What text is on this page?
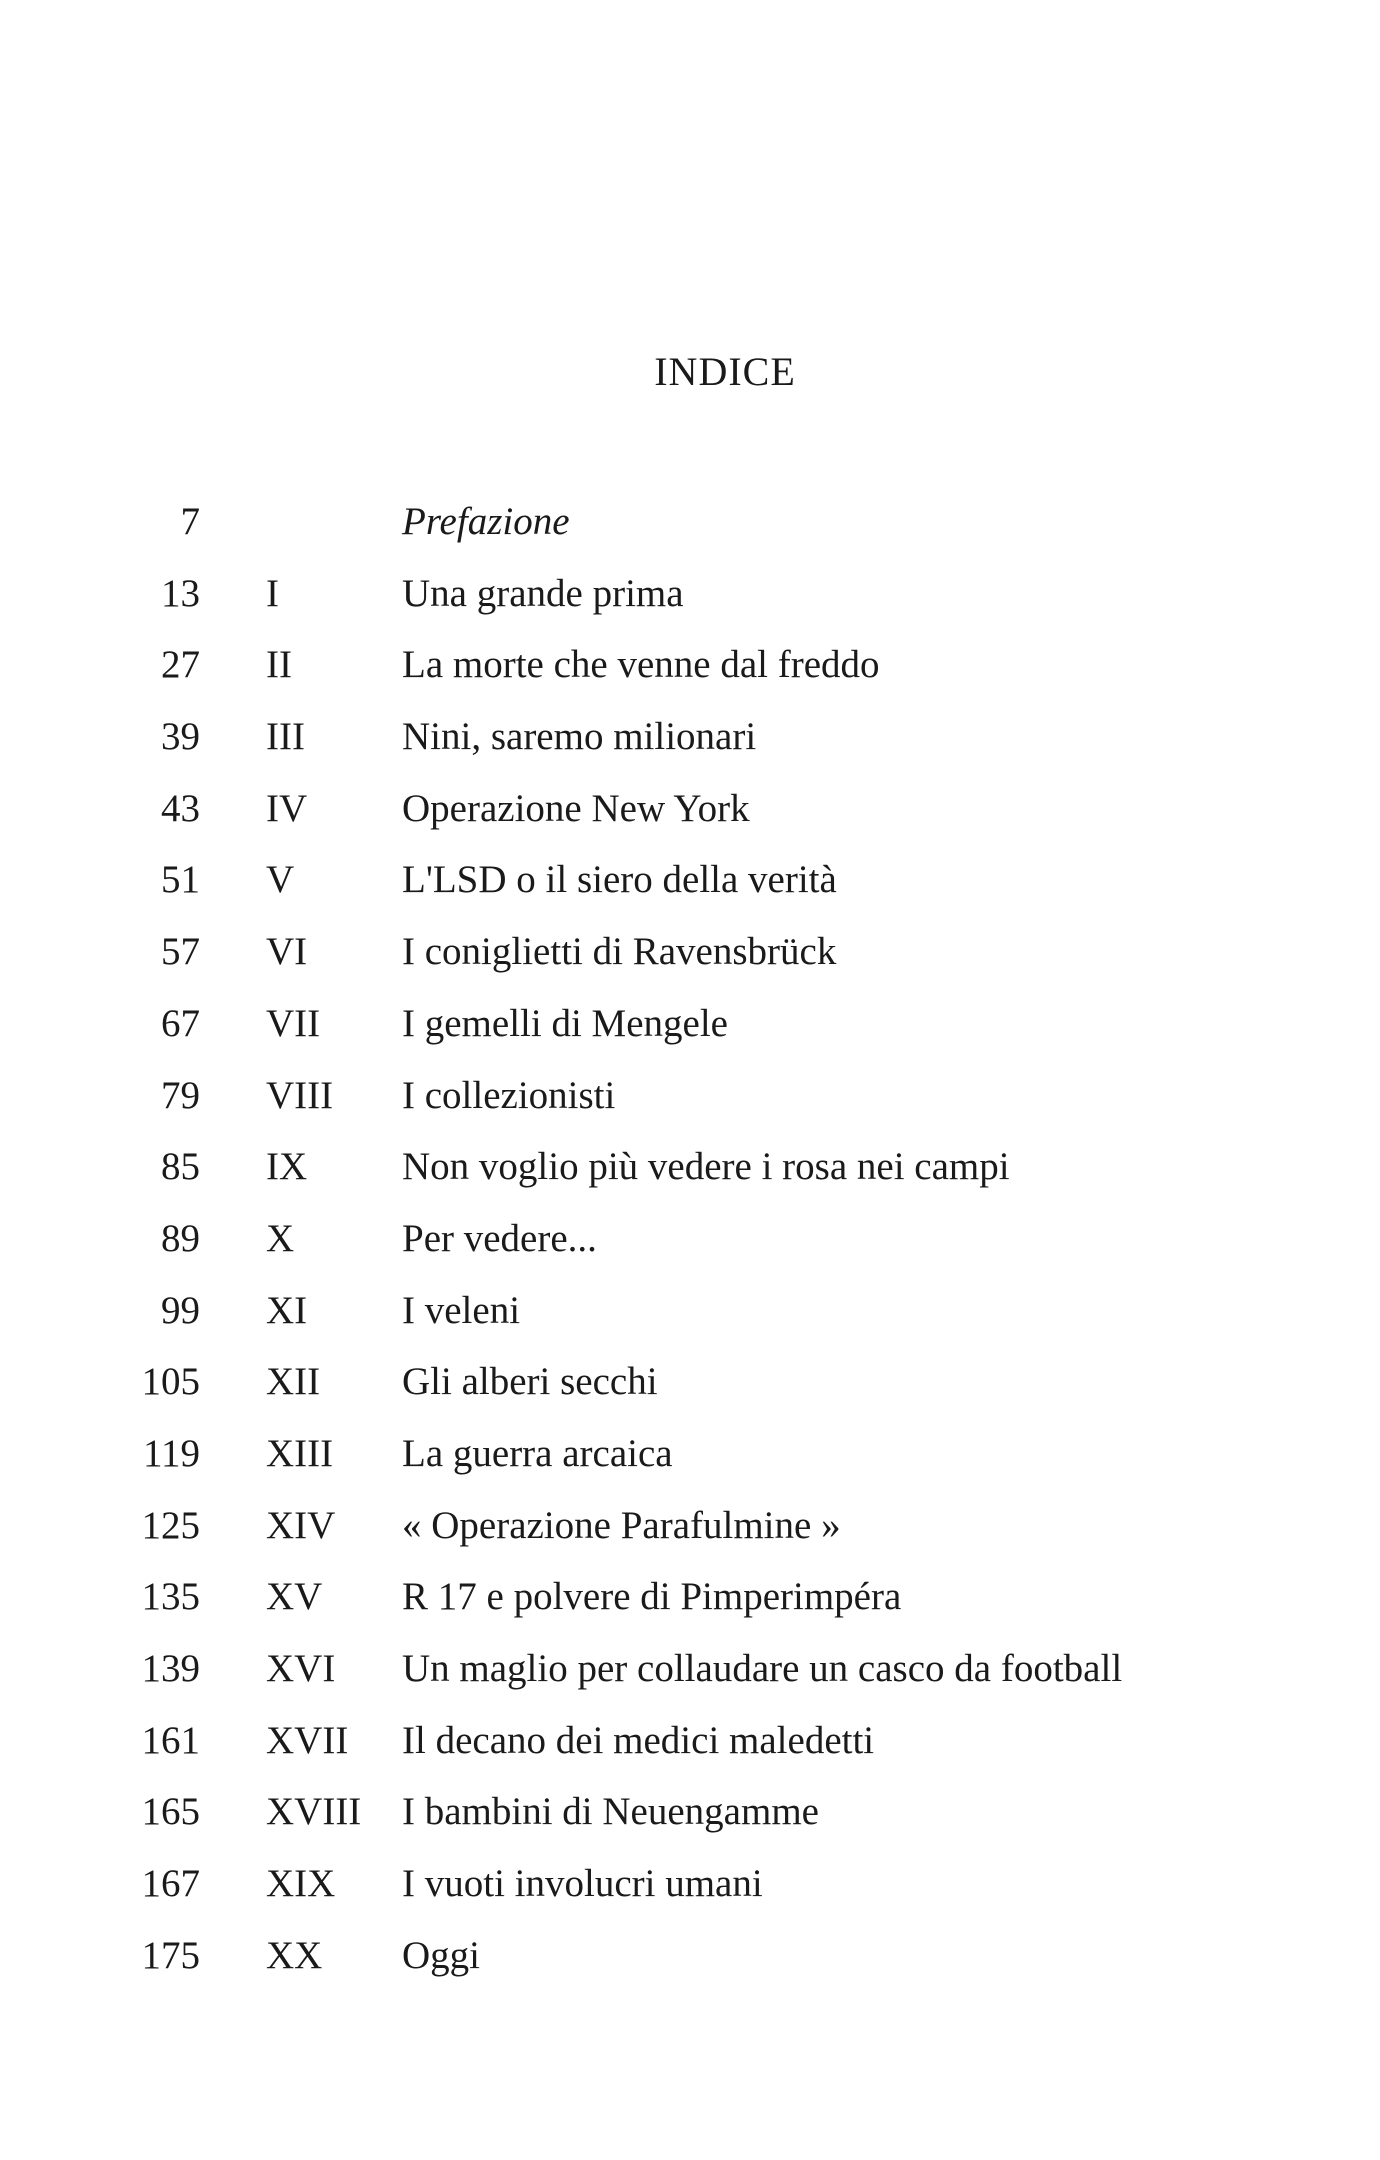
INDICE
7	Prefazione
13 I	Una grande prima
27 II	La morte che venne dal freddo
39 III	Nini, saremo milionari
43 IV	Operazione New York
51 V	L'LSD o il siero della verità
57 VI	I coniglietti di Ravensbrück
67 VII	I gemelli di Mengele
79 VIII	I collezionisti
85 IX	Non voglio più vedere i rosa nei campi
89 X	Per vedere...
99 XI	I veleni
105 XII	Gli alberi secchi
119 XIII	La guerra arcaica
125 XIV	« Operazione Parafulmine »
135 XV	R 17 e polvere di Pimperimpéra
139 XVI	Un maglio per collaudare un casco da football
161 XVII	Il decano dei medici maledetti
165 XVIII	I bambini di Neuengamme
167 XIX	I vuoti involucri umani
175 XX	Oggi
